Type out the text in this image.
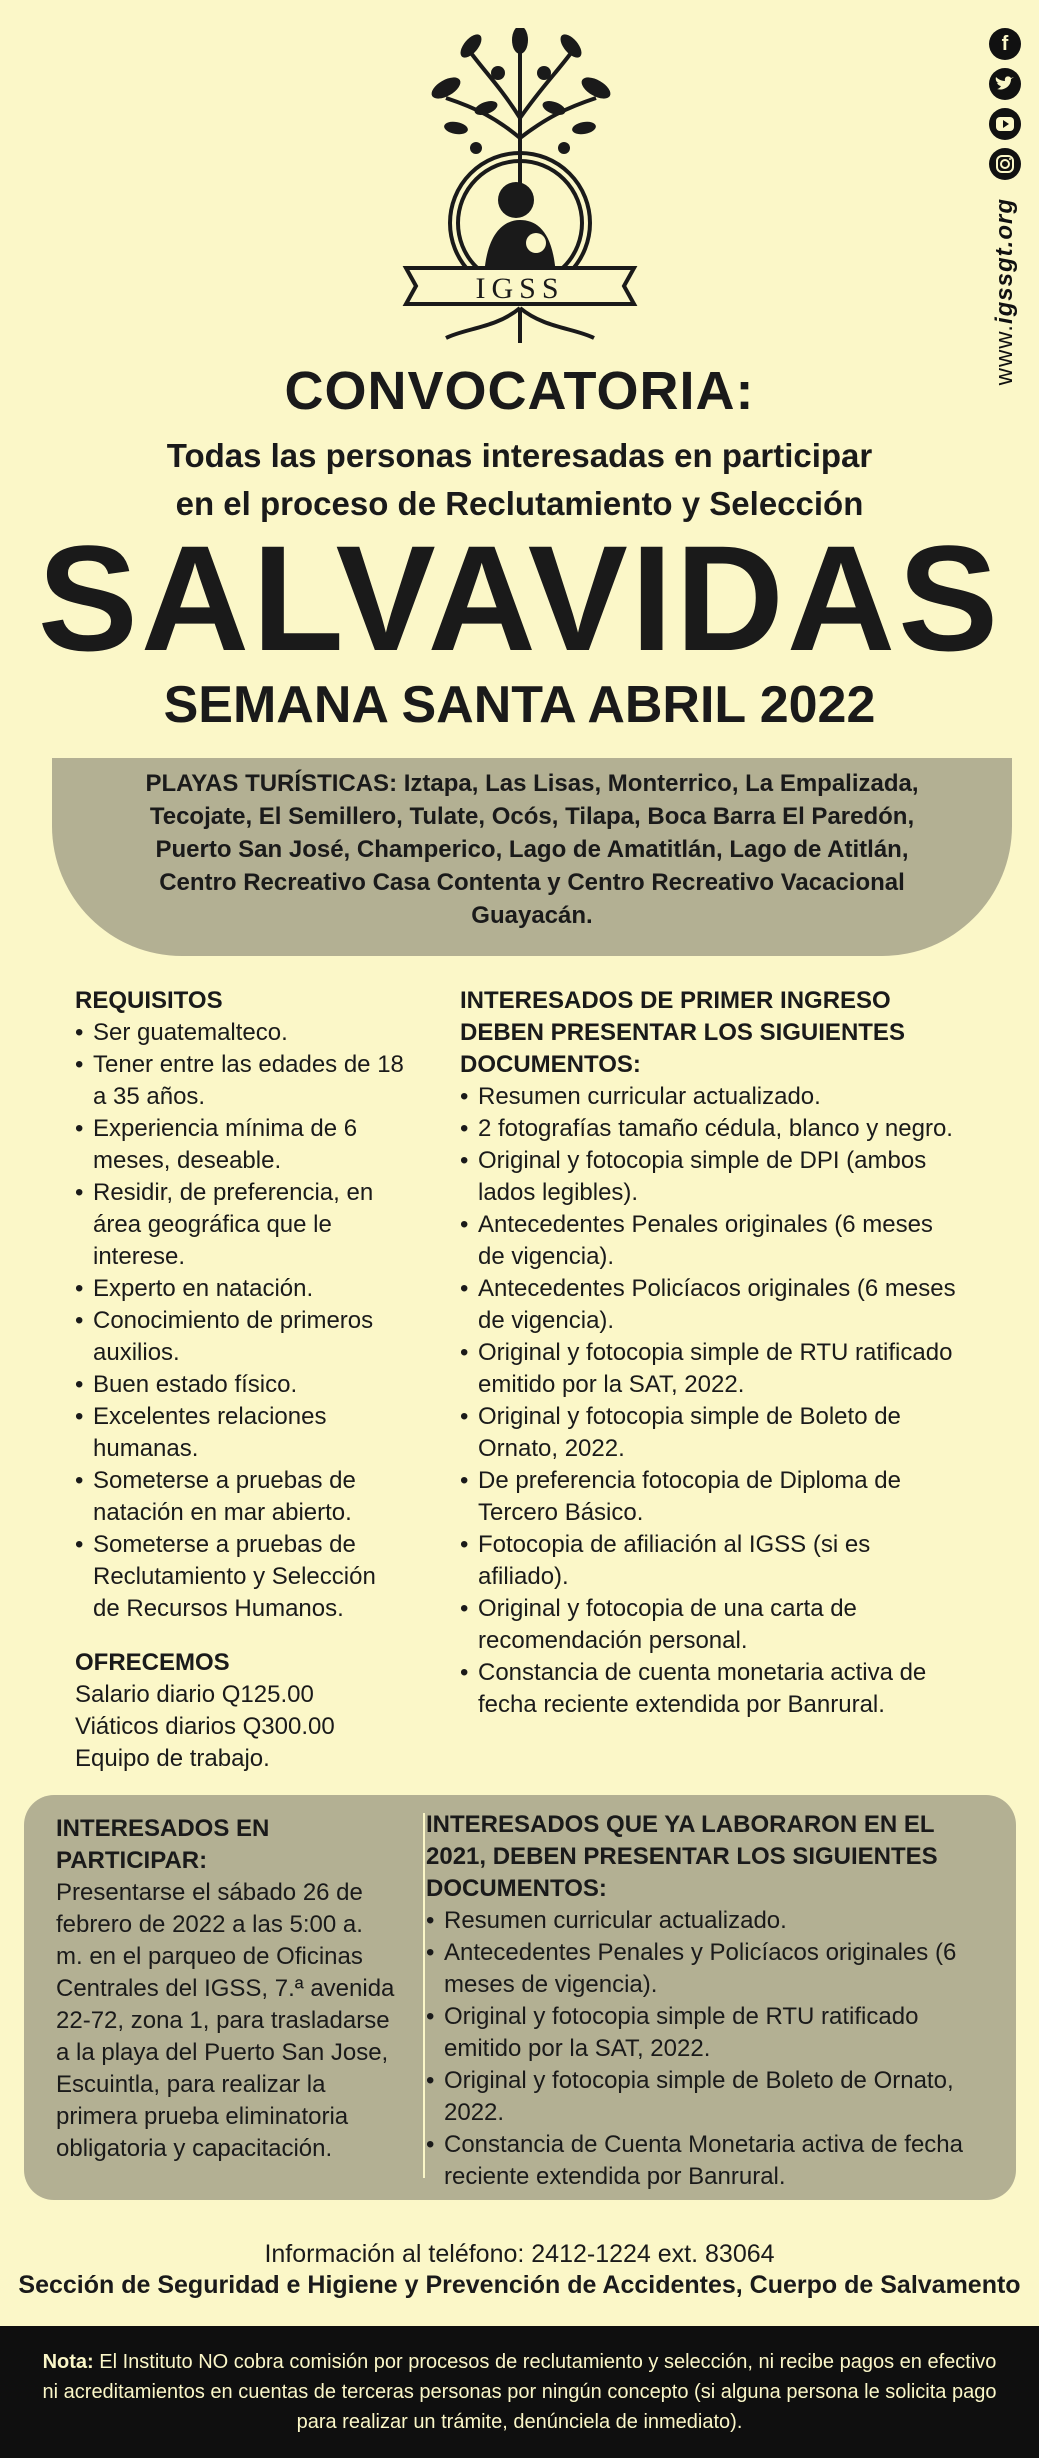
IGSS
f
www.igssgt.org
CONVOCATORIA:
Todas las personas interesadas en participar
en el proceso de Reclutamiento y Selección
SALVAVIDAS
SEMANA SANTA ABRIL 2022
PLAYAS TURÍSTICAS: Iztapa, Las Lisas, Monterrico, La Empalizada, Tecojate, El Semillero, Tulate, Ocós, Tilapa, Boca Barra El Paredón, Puerto San José, Champerico, Lago de Amatitlán, Lago de Atitlán, Centro Recreativo Casa Contenta y Centro Recreativo Vacacional Guayacán.
REQUISITOS
• Ser guatemalteco.
• Tener entre las edades de 18 a 35 años.
• Experiencia mínima de 6 meses, deseable.
• Residir, de preferencia, en área geográfica que le interese.
• Experto en natación.
• Conocimiento de primeros auxilios.
• Buen estado físico.
• Excelentes relaciones humanas.
• Someterse a pruebas de natación en mar abierto.
• Someterse a pruebas de Reclutamiento y Selección de Recursos Humanos.
OFRECEMOS
Salario diario Q125.00
Viáticos diarios Q300.00
Equipo de trabajo.
INTERESADOS DE PRIMER INGRESO DEBEN PRESENTAR LOS SIGUIENTES DOCUMENTOS:
• Resumen curricular actualizado.
• 2 fotografías tamaño cédula, blanco y negro.
• Original y fotocopia simple de DPI (ambos lados legibles).
• Antecedentes Penales originales (6 meses de vigencia).
• Antecedentes Policíacos originales (6 meses de vigencia).
• Original y fotocopia simple de RTU ratificado emitido por la SAT, 2022.
• Original y fotocopia simple de Boleto de Ornato, 2022.
• De preferencia fotocopia de Diploma de Tercero Básico.
• Fotocopia de afiliación al IGSS (si es afiliado).
• Original y fotocopia de una carta de recomendación personal.
• Constancia de cuenta monetaria activa de fecha reciente extendida por Banrural.
INTERESADOS EN PARTICIPAR:
Presentarse el sábado 26 de febrero de 2022 a las 5:00 a. m. en el parqueo de Oficinas Centrales del IGSS, 7.ª avenida 22-72, zona 1, para trasladarse a la playa del Puerto San Jose, Escuintla, para realizar la primera prueba eliminatoria obligatoria y capacitación.
INTERESADOS QUE YA LABORARON EN EL 2021, DEBEN PRESENTAR LOS SIGUIENTES DOCUMENTOS:
• Resumen curricular actualizado.
• Antecedentes Penales y Policíacos originales (6 meses de vigencia).
• Original y fotocopia simple de RTU ratificado emitido por la SAT, 2022.
• Original y fotocopia simple de Boleto de Ornato, 2022.
• Constancia de Cuenta Monetaria activa de fecha reciente extendida por Banrural.
Información al teléfono: 2412-1224 ext. 83064
Sección de Seguridad e Higiene y Prevención de Accidentes, Cuerpo de Salvamento
Nota: El Instituto NO cobra comisión por procesos de reclutamiento y selección, ni recibe pagos en efectivo ni acreditamientos en cuentas de terceras personas por ningún concepto (si alguna persona le solicita pago para realizar un trámite, denúnciela de inmediato).
